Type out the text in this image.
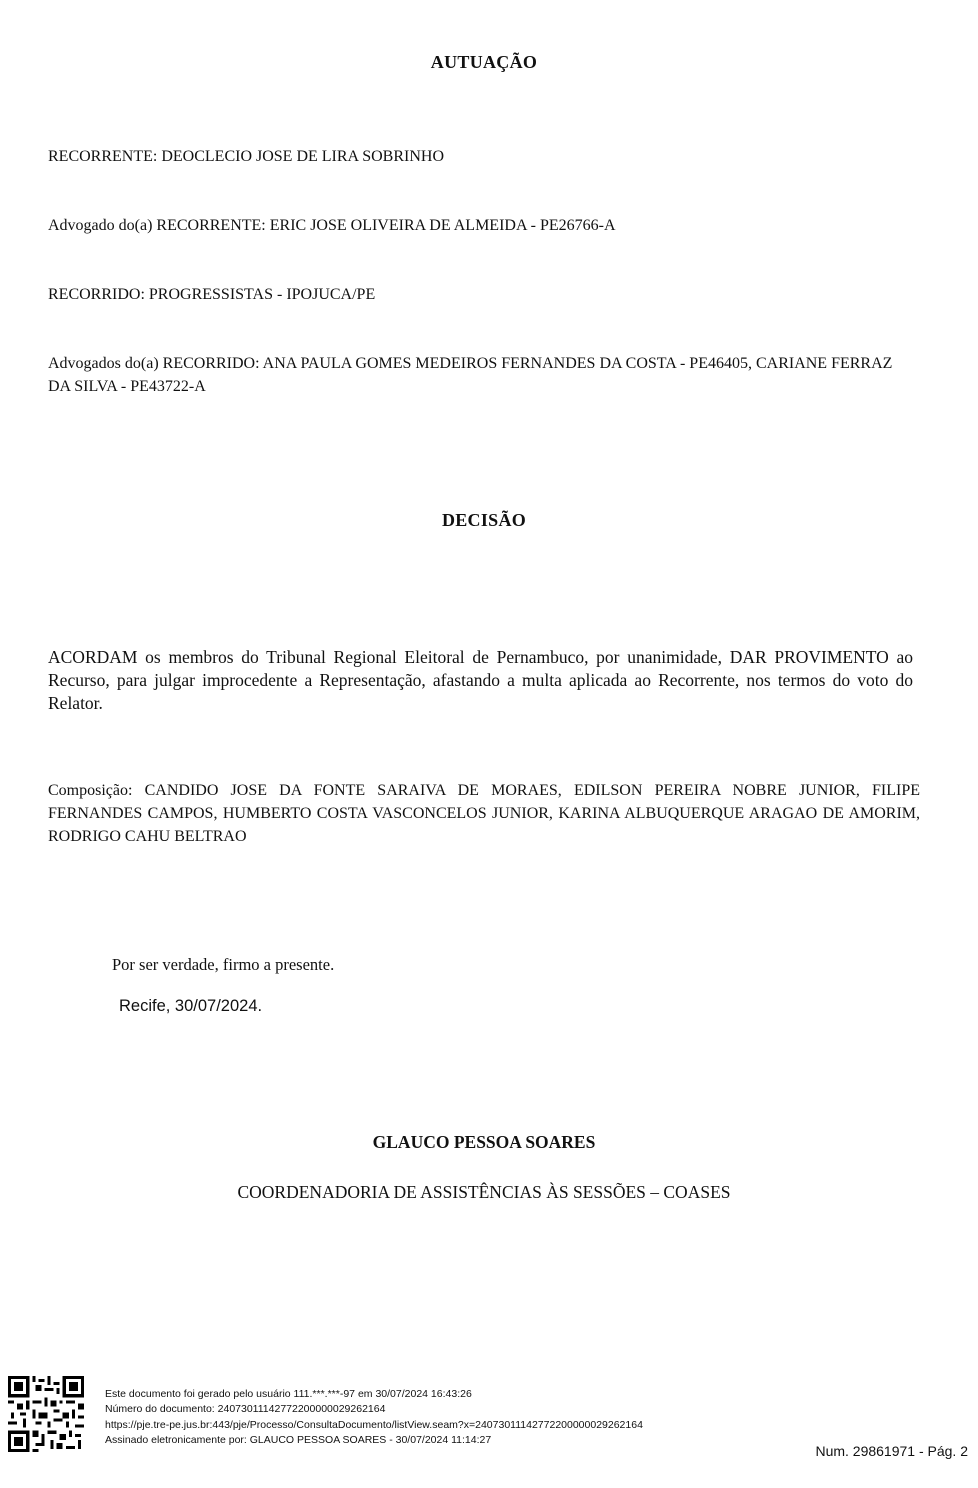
AUTUAÇÃO
RECORRENTE: DEOCLECIO JOSE DE LIRA SOBRINHO
Advogado do(a) RECORRENTE: ERIC JOSE OLIVEIRA DE ALMEIDA - PE26766-A
RECORRIDO: PROGRESSISTAS - IPOJUCA/PE
Advogados do(a) RECORRIDO: ANA PAULA GOMES MEDEIROS FERNANDES DA COSTA - PE46405, CARIANE FERRAZ DA SILVA - PE43722-A
DECISÃO
ACORDAM os membros do Tribunal Regional Eleitoral de Pernambuco, por unanimidade, DAR PROVIMENTO ao Recurso, para julgar improcedente a Representação, afastando a multa aplicada ao Recorrente, nos termos do voto do Relator.
Composição: CANDIDO JOSE DA FONTE SARAIVA DE MORAES, EDILSON PEREIRA NOBRE JUNIOR, FILIPE FERNANDES CAMPOS, HUMBERTO COSTA VASCONCELOS JUNIOR, KARINA ALBUQUERQUE ARAGAO DE AMORIM, RODRIGO CAHU BELTRAO
Por ser verdade, firmo a presente.
Recife, 30/07/2024.
GLAUCO PESSOA SOARES
COORDENADORIA DE ASSISTÊNCIAS ÀS SESSÕES – COASES
Este documento foi gerado pelo usuário 111.***.***-97 em 30/07/2024 16:43:26
Número do documento: 24073011142772200000029262164
https://pje.tre-pe.jus.br:443/pje/Processo/ConsultaDocumento/listView.seam?x=24073011142772200000029262164
Assinado eletronicamente por: GLAUCO PESSOA SOARES - 30/07/2024 11:14:27
Num. 29861971 - Pág. 2
